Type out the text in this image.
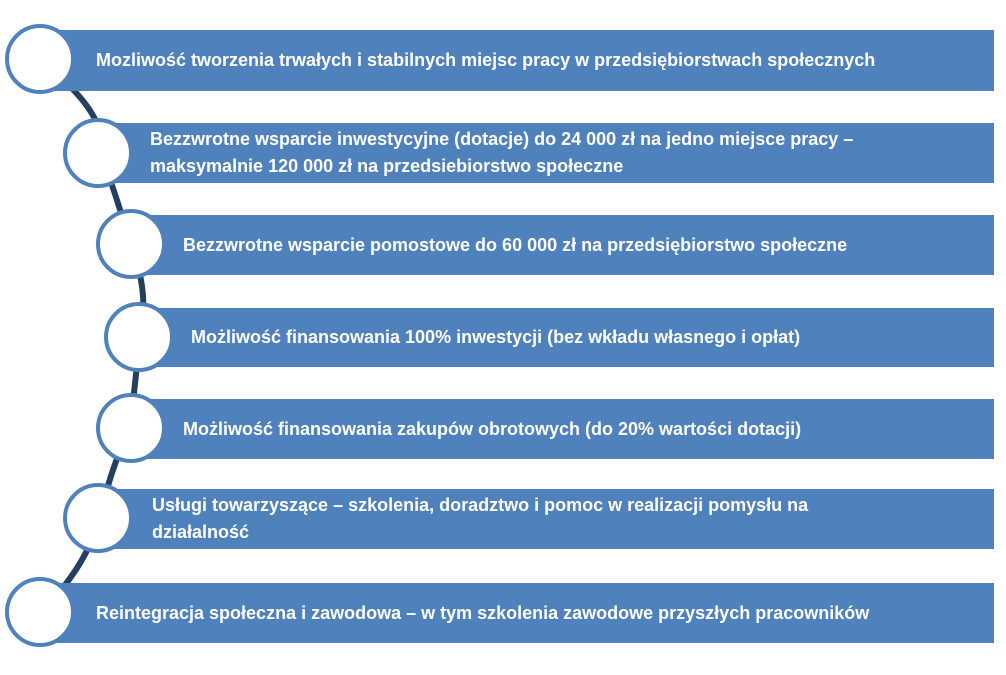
Mozliwość tworzenia trwałych i stabilnych miejsc pracy w przedsiębiorstwach społecznych
Bezzwrotne wsparcie inwestycyjne (dotacje) do 24 000 zł na jedno miejsce pracy – maksymalnie 120 000 zł na przedsiebiorstwo społeczne
Bezzwrotne wsparcie pomostowe do 60 000 zł na przedsiębiorstwo społeczne
Możliwość finansowania 100% inwestycji (bez wkładu własnego i opłat)
Możliwość finansowania zakupów obrotowych (do 20% wartości dotacji)
Usługi towarzyszące – szkolenia, doradztwo i pomoc w realizacji pomysłu na działalność
Reintegracja społeczna i zawodowa – w tym szkolenia zawodowe przyszłych pracowników
